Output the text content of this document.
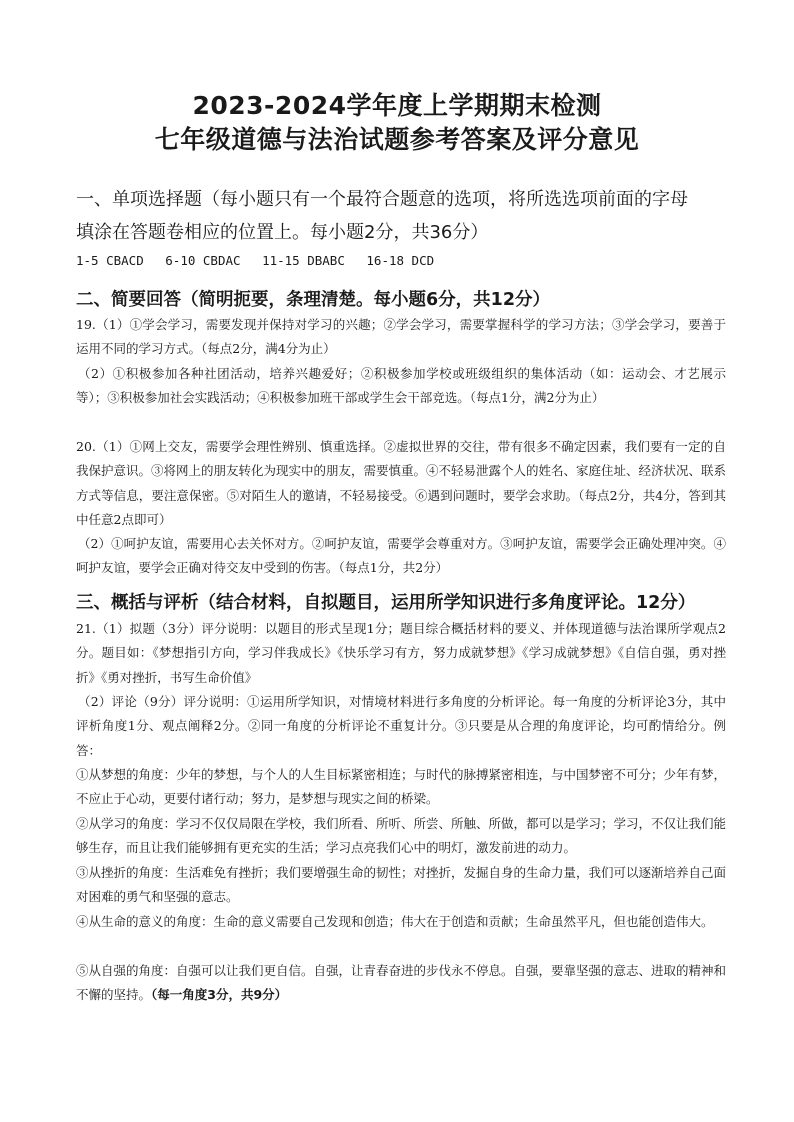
2023-2024学年度上学期期末检测
七年级道德与法治试题参考答案及评分意见
一、单项选择题（每小题只有一个最符合题意的选项，将所选选项前面的字母
填涂在答题卷相应的位置上。每小题2分，共36分）
1-5 CBACD 6-10 CBDAC 11-15 DBABC 16-18 DCD
二、简要回答（简明扼要，条理清楚。每小题6分，共12分）
19.（1）①学会学习，需要发现并保持对学习的兴趣；②学会学习，需要掌握科学的学习方法；③学会学习，要善于运用不同的学习方式。（每点2分，满4分为止）
（2）①积极参加各种社团活动，培养兴趣爱好；②积极参加学校或班级组织的集体活动（如：运动会、才艺展示等）；③积极参加社会实践活动；④积极参加班干部或学生会干部竞选。（每点1分，满2分为止）
20.（1）①网上交友，需要学会理性辨别、慎重选择。②虚拟世界的交往，带有很多不确定因素，我们要有一定的自我保护意识。③将网上的朋友转化为现实中的朋友，需要慎重。④不轻易泄露个人的姓名、家庭住址、经济状况、联系方式等信息，要注意保密。⑤对陌生人的邀请，不轻易接受。⑥遇到问题时，要学会求助。（每点2分，共4分，答到其中任意2点即可）
（2）①呵护友谊，需要用心去关怀对方。②呵护友谊，需要学会尊重对方。③呵护友谊，需要学会正确处理冲突。④呵护友谊，要学会正确对待交友中受到的伤害。（每点1分，共2分）
三、概括与评析（结合材料，自拟题目，运用所学知识进行多角度评论。12分）
21.（1）拟题（3分）评分说明：以题目的形式呈现1分；题目综合概括材料的要义、并体现道德与法治课所学观点2分。题目如：《梦想指引方向，学习伴我成长》《快乐学习有方，努力成就梦想》《学习成就梦想》《自信自强，勇对挫折》《勇对挫折，书写生命价值》
（2）评论（9分）评分说明：①运用所学知识，对情境材料进行多角度的分析评论。每一角度的分析评论3分，其中评析角度1分、观点阐释2分。②同一角度的分析评论不重复计分。③只要是从合理的角度评论，均可酌情给分。例答：
①从梦想的角度：少年的梦想，与个人的人生目标紧密相连；与时代的脉搏紧密相连，与中国梦密不可分；少年有梦，不应止于心动，更要付诸行动；努力，是梦想与现实之间的桥梁。
②从学习的角度：学习不仅仅局限在学校，我们所看、所听、所尝、所触、所做，都可以是学习；学习，不仅让我们能够生存，而且让我们能够拥有更充实的生活；学习点亮我们心中的明灯，激发前进的动力。
③从挫折的角度：生活难免有挫折；我们要增强生命的韧性；对挫折，发掘自身的生命力量，我们可以逐渐培养自己面对困难的勇气和坚强的意志。
④从生命的意义的角度：生命的意义需要自己发现和创造；伟大在于创造和贡献；生命虽然平凡，但也能创造伟大。
⑤从自强的角度：自强可以让我们更自信。自强，让青春奋进的步伐永不停息。自强，要靠坚强的意志、进取的精神和不懈的坚持。（每一角度3分，共9分）
